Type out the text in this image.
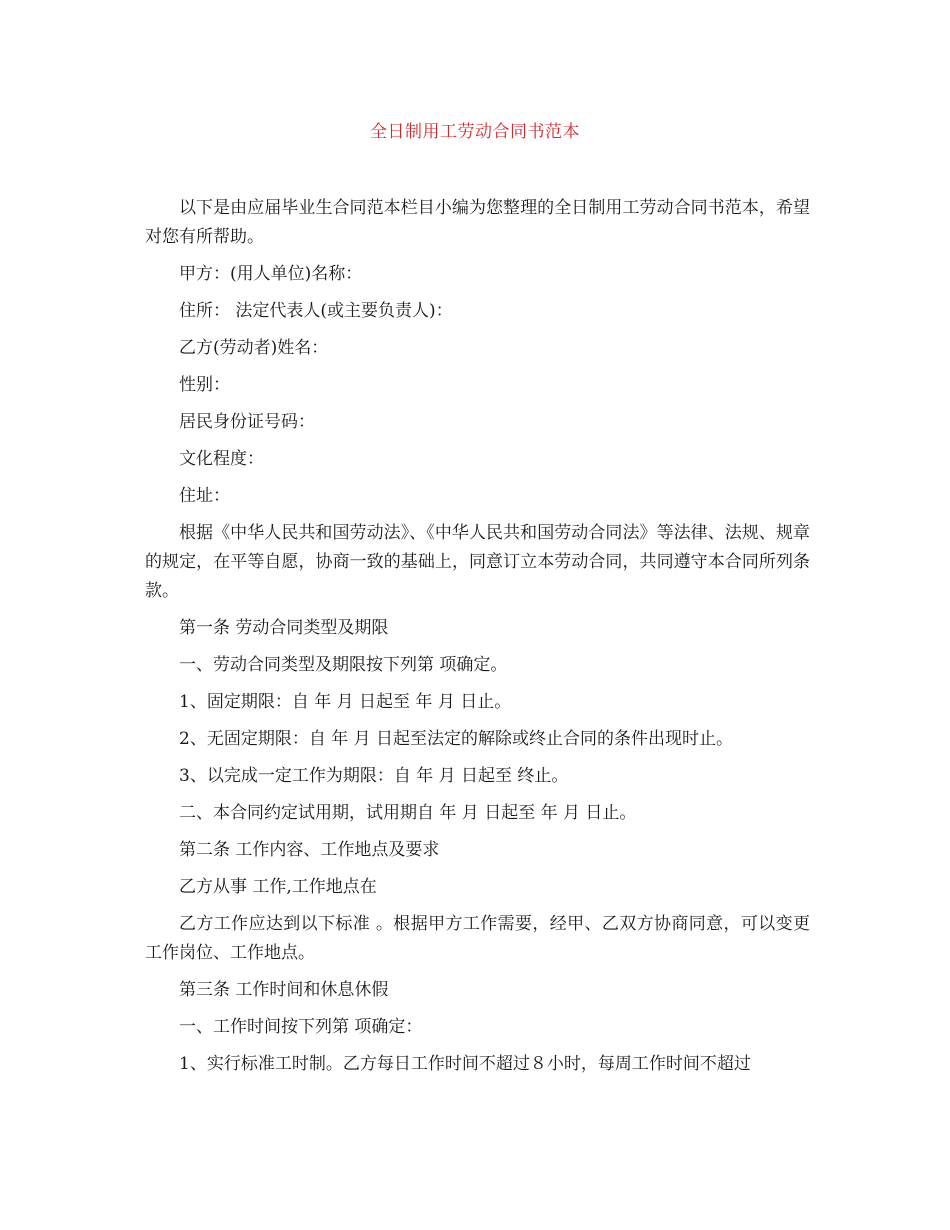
全日制用工劳动合同书范本

以下是由应届毕业生合同范本栏目小编为您整理的全日制用工劳动合同书范本，希望对您有所帮助。

甲方：(用人单位)名称：

住所： 法定代表人(或主要负责人)：

乙方(劳动者)姓名：

性别：

居民身份证号码：

文化程度：

住址：

根据《中华人民共和国劳动法》、《中华人民共和国劳动合同法》等法律、法规、规章的规定，在平等自愿，协商一致的基础上，同意订立本劳动合同，共同遵守本合同所列条款。

第一条 劳动合同类型及期限

一、劳动合同类型及期限按下列第 项确定。

1、固定期限：自 年 月 日起至 年 月 日止。

2、无固定期限：自 年 月 日起至法定的解除或终止合同的条件出现时止。

3、以完成一定工作为期限：自 年 月 日起至 终止。

二、本合同约定试用期，试用期自 年 月 日起至 年 月 日止。

第二条 工作内容、工作地点及要求

乙方从事 工作,工作地点在

乙方工作应达到以下标准 。根据甲方工作需要，经甲、乙双方协商同意，可以变更工作岗位、工作地点。

第三条 工作时间和休息休假

一、工作时间按下列第 项确定：

1、实行标准工时制。乙方每日工作时间不超过８小时，每周工作时间不超过
